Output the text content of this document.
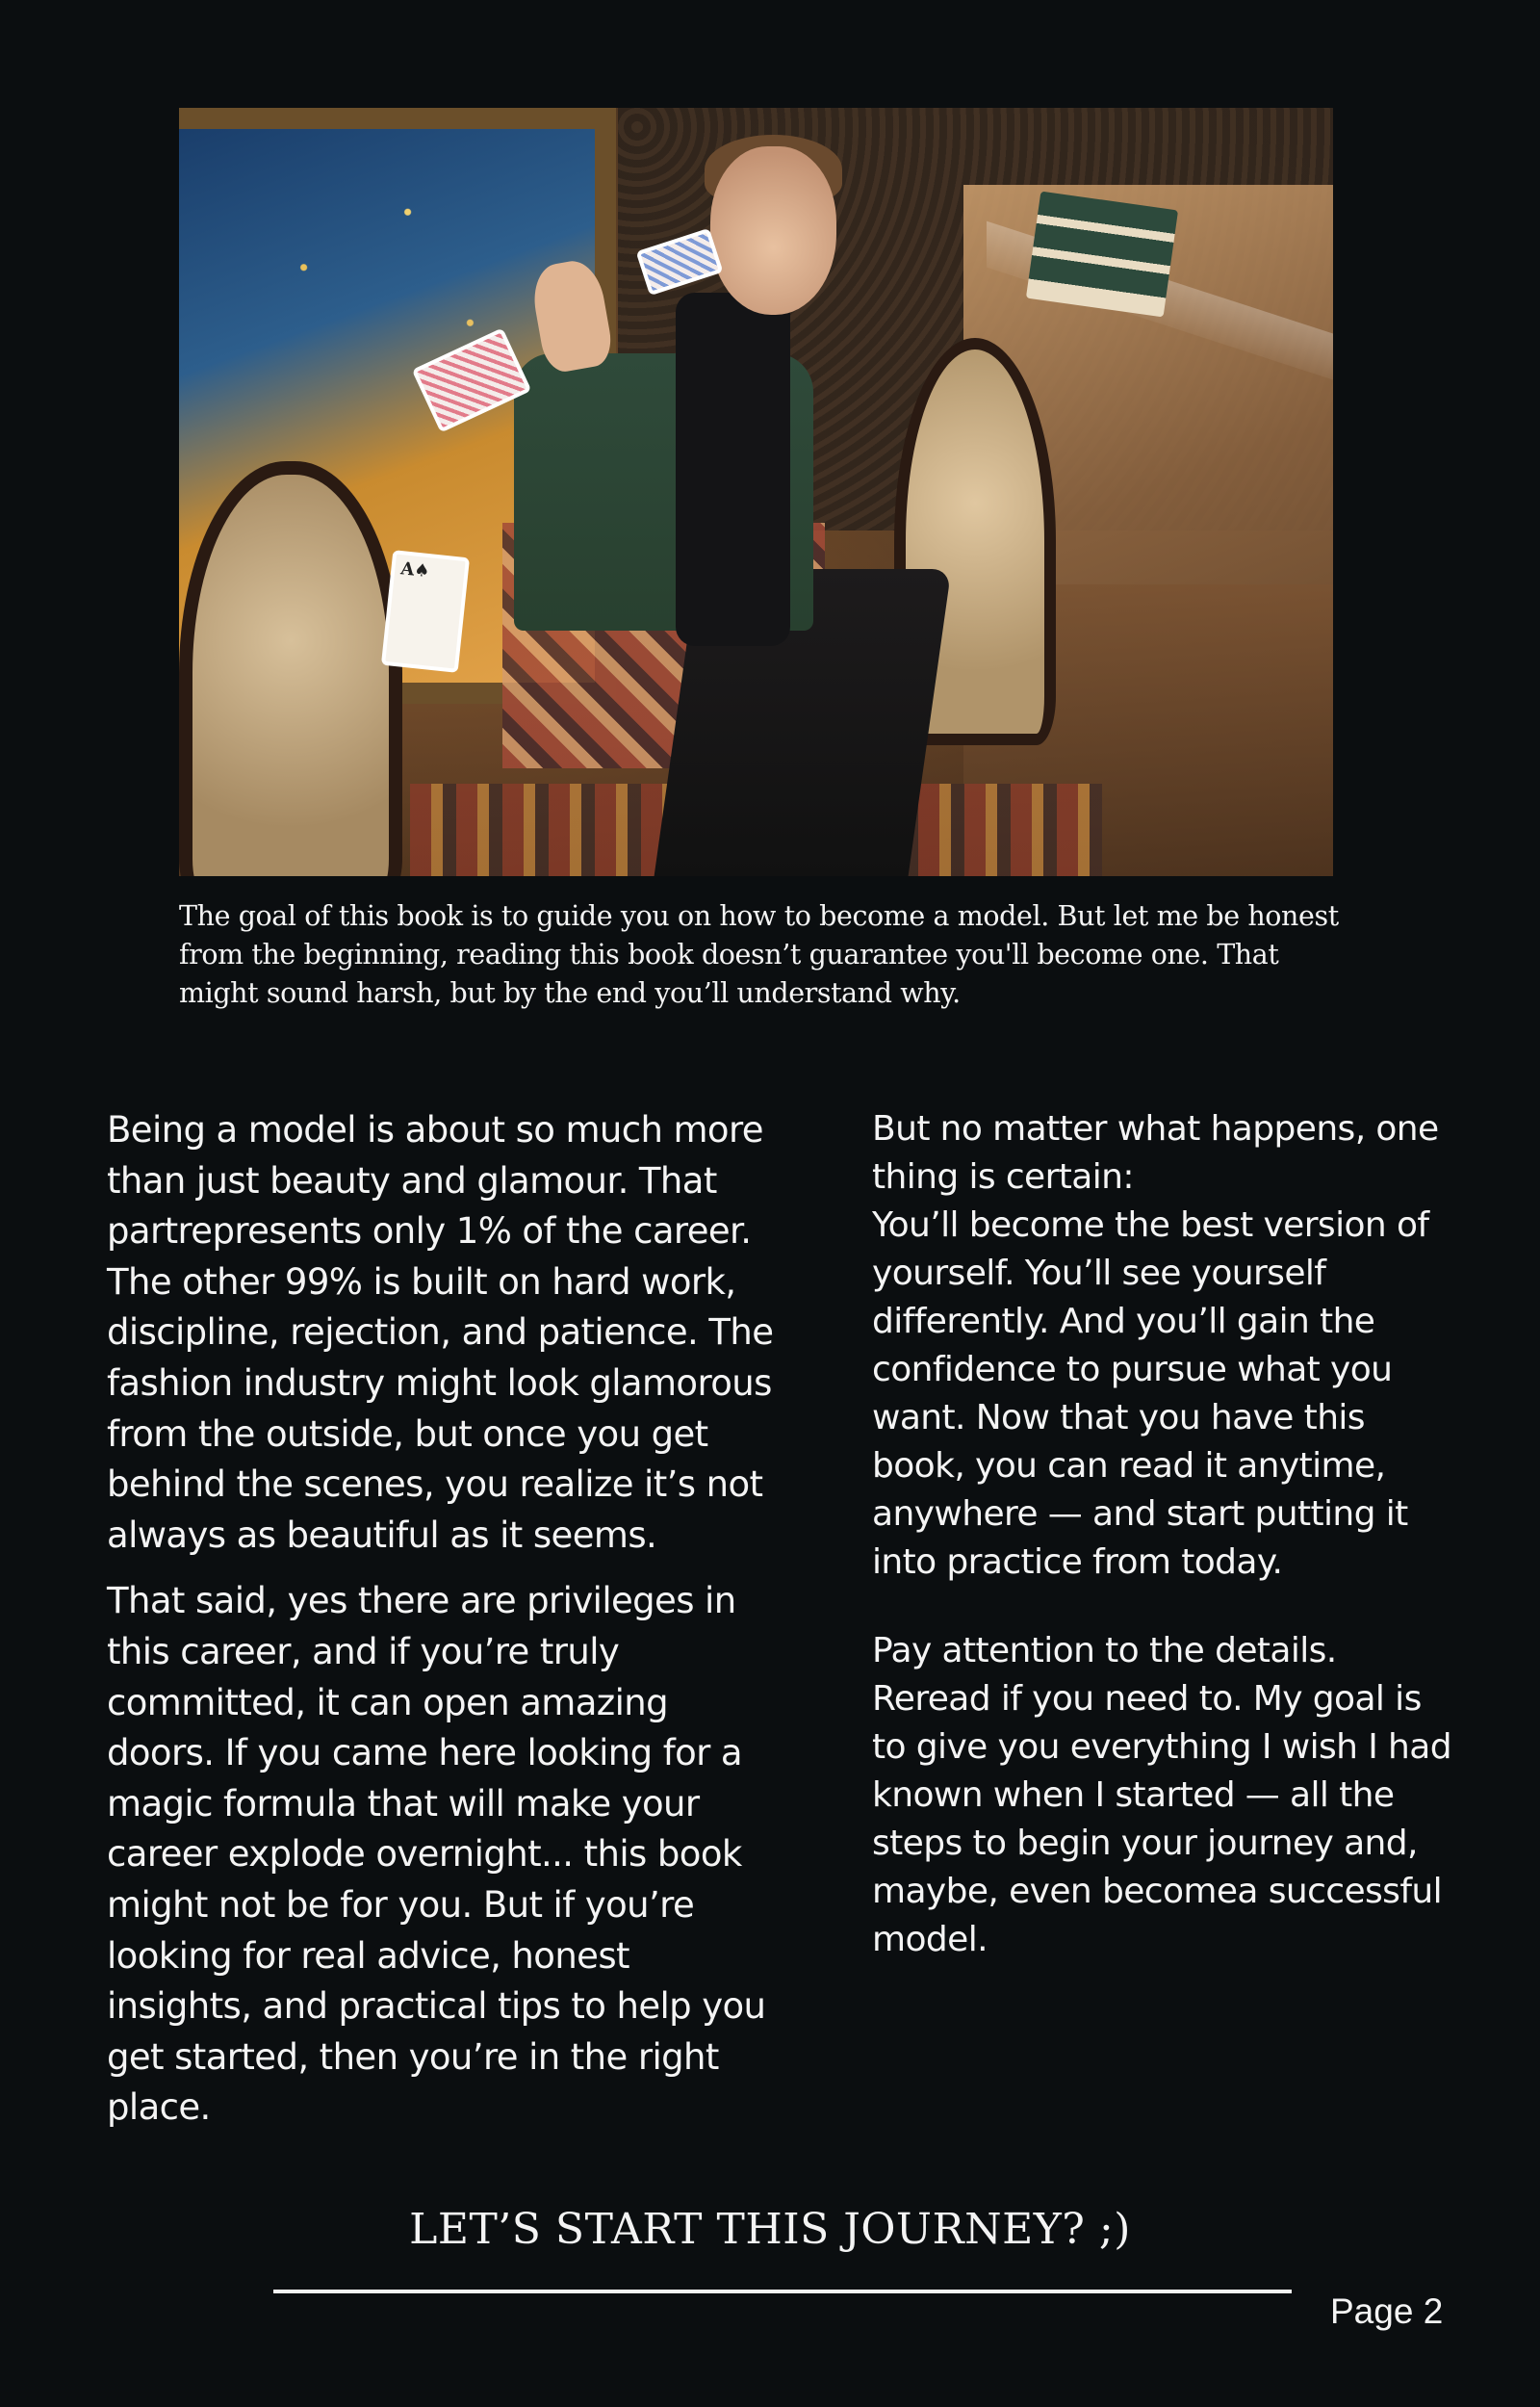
A♠

The goal of this book is to guide you on how to become a model. But let me be honest from the beginning, reading this book doesn’t guarantee you'll become one. That might sound harsh, but by the end you’ll understand why.

Being a model is about so much more than just beauty and glamour. That partrepresents only 1% of the career. The other 99% is built on hard work, discipline, rejection, and patience. The fashion industry might look glamorous from the outside, but once you get behind the scenes, you realize it’s not always as beautiful as it seems.

That said, yes there are privileges in this career, and if you’re truly committed, it can open amazing doors. If you came here looking for a magic formula that will make your career explode overnight... this book might not be for you. But if you’re looking for real advice, honest insights, and practical tips to help you get started, then you’re in the right place.

But no matter what happens, one thing is certain:

You’ll become the best version of yourself. You’ll see yourself differently. And you’ll gain the confidence to pursue what you want. Now that you have this book, you can read it anytime, anywhere — and start putting it into practice from today.

Pay attention to the details. Reread if you need to. My goal is to give you everything I wish I had known when I started — all the steps to begin your journey and, maybe, even becomea successful model.

LET’S START THIS JOURNEY? ;)

Page 2
